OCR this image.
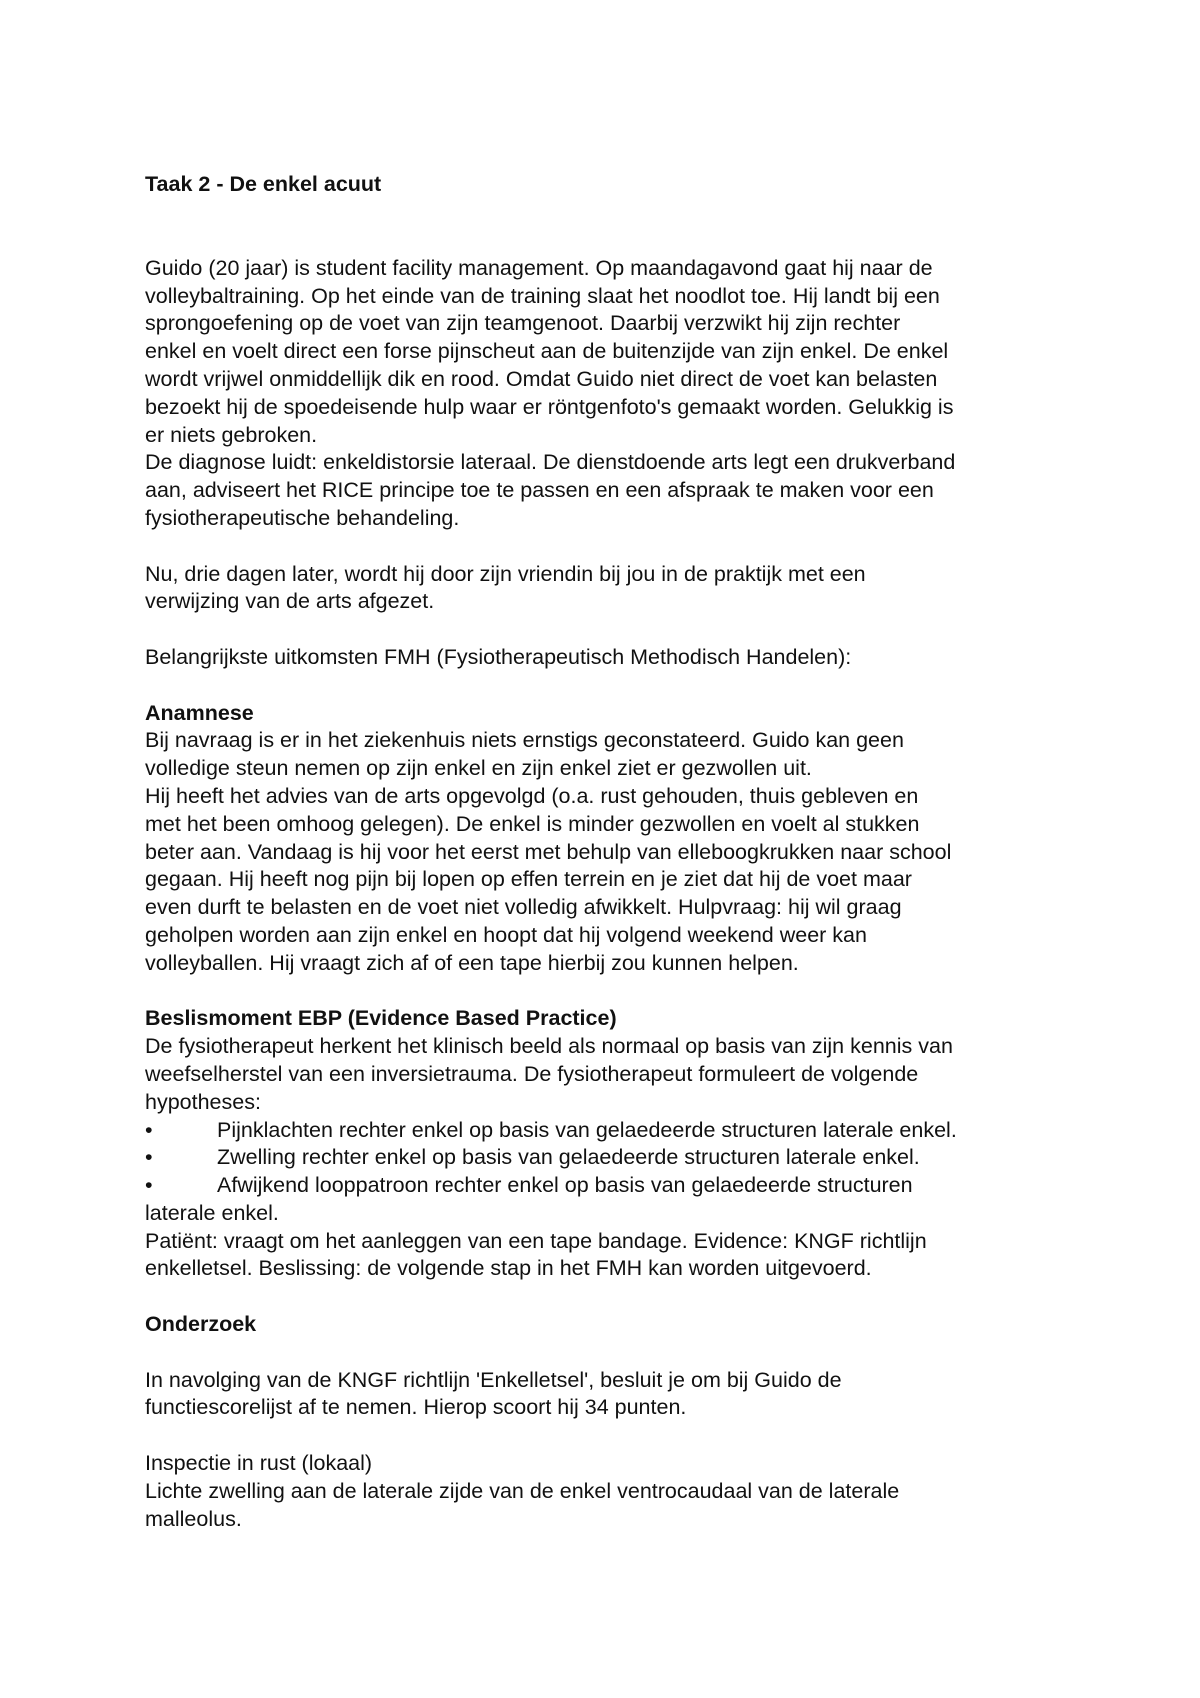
Taak 2 - De enkel acuut

Guido (20 jaar) is student facility management. Op maandagavond gaat hij naar de
volleybaltraining. Op het einde van de training slaat het noodlot toe. Hij landt bij een
sprongoefening op de voet van zijn teamgenoot. Daarbij verzwikt hij zijn rechter
enkel en voelt direct een forse pijnscheut aan de buitenzijde van zijn enkel. De enkel
wordt vrijwel onmiddellijk dik en rood. Omdat Guido niet direct de voet kan belasten
bezoekt hij de spoedeisende hulp waar er röntgenfoto's gemaakt worden. Gelukkig is
er niets gebroken.
De diagnose luidt: enkeldistorsie lateraal. De dienstdoende arts legt een drukverband
aan, adviseert het RICE principe toe te passen en een afspraak te maken voor een
fysiotherapeutische behandeling.

Nu, drie dagen later, wordt hij door zijn vriendin bij jou in de praktijk met een
verwijzing van de arts afgezet.

Belangrijkste uitkomsten FMH (Fysiotherapeutisch Methodisch Handelen):

Anamnese

Bij navraag is er in het ziekenhuis niets ernstigs geconstateerd. Guido kan geen
volledige steun nemen op zijn enkel en zijn enkel ziet er gezwollen uit.
Hij heeft het advies van de arts opgevolgd (o.a. rust gehouden, thuis gebleven en
met het been omhoog gelegen). De enkel is minder gezwollen en voelt al stukken
beter aan. Vandaag is hij voor het eerst met behulp van elleboogkrukken naar school
gegaan. Hij heeft nog pijn bij lopen op effen terrein en je ziet dat hij de voet maar
even durft te belasten en de voet niet volledig afwikkelt. Hulpvraag: hij wil graag
geholpen worden aan zijn enkel en hoopt dat hij volgend weekend weer kan
volleyballen. Hij vraagt zich af of een tape hierbij zou kunnen helpen.

Beslismoment EBP (Evidence Based Practice)

De fysiotherapeut herkent het klinisch beeld als normaal op basis van zijn kennis van
weefselherstel van een inversietrauma. De fysiotherapeut formuleert de volgende
hypotheses:

•	Pijnklachten rechter enkel op basis van gelaedeerde structuren laterale enkel.
•	Zwelling rechter enkel op basis van gelaedeerde structuren laterale enkel.
•	Afwijkend looppatroon rechter enkel op basis van gelaedeerde structuren
laterale enkel.

Patiënt: vraagt om het aanleggen van een tape bandage. Evidence: KNGF richtlijn
enkelletsel. Beslissing: de volgende stap in het FMH kan worden uitgevoerd.

Onderzoek

In navolging van de KNGF richtlijn 'Enkelletsel', besluit je om bij Guido de
functiescorelijst af te nemen. Hierop scoort hij 34 punten.

Inspectie in rust (lokaal)

Lichte zwelling aan de laterale zijde van de enkel ventrocaudaal van de laterale
malleolus.
